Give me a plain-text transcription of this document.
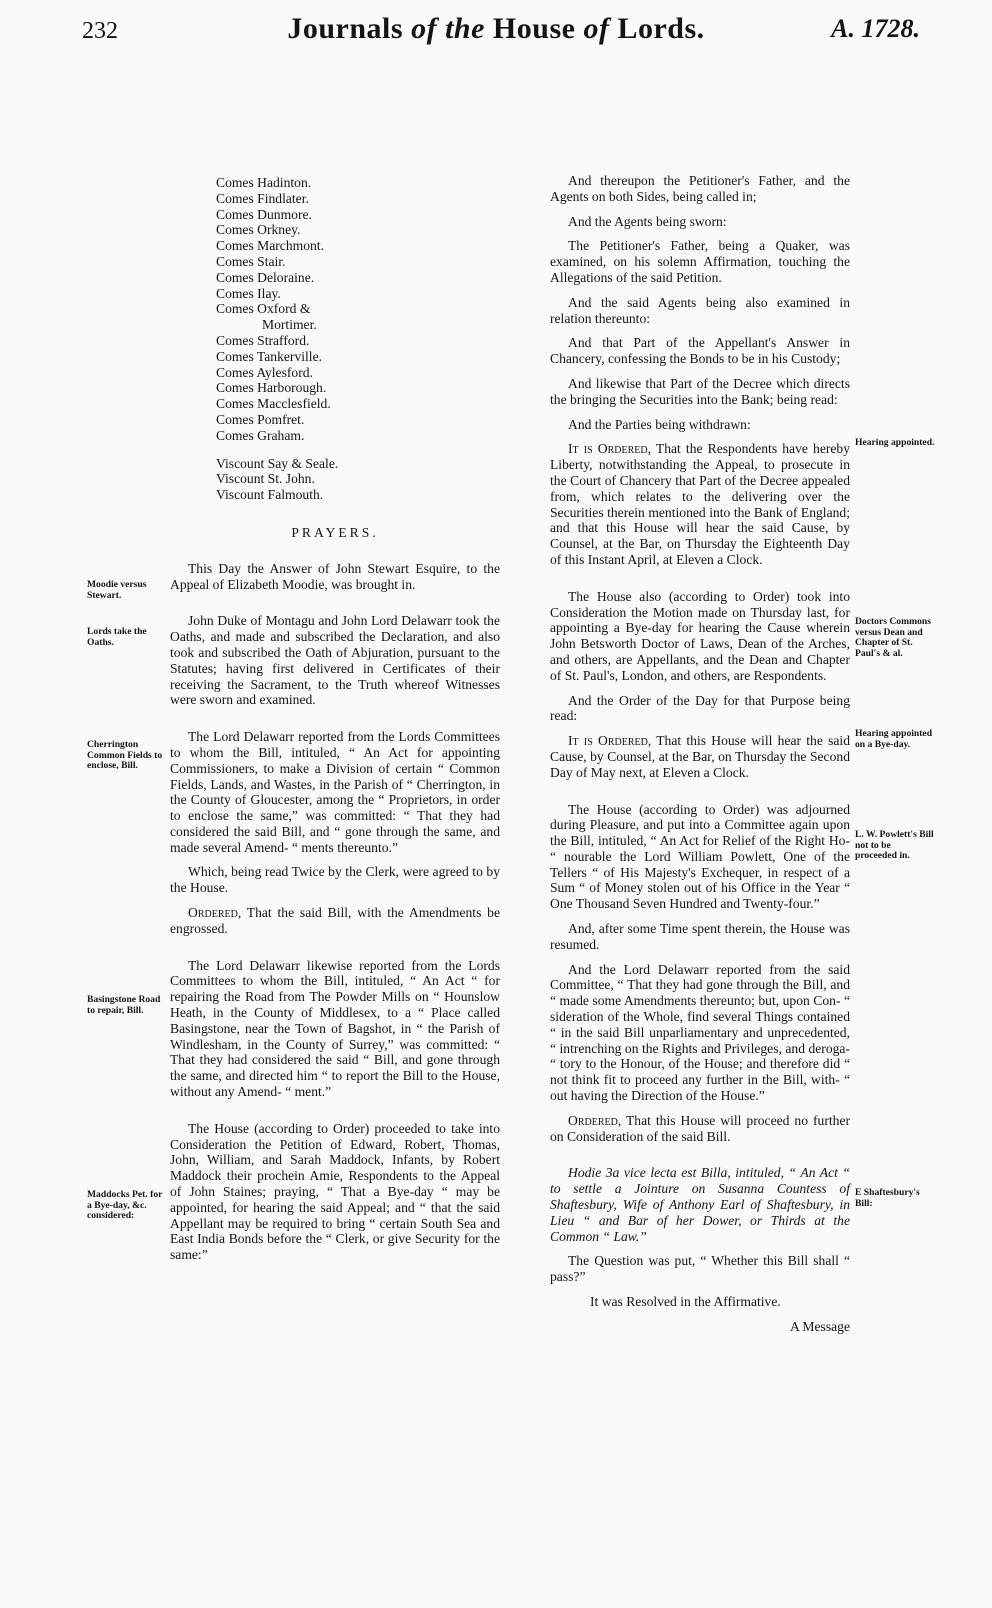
232	Journals of the House of Lords.	A. 1728.
Comes Hadinton.
Comes Findlater.
Comes Dunmore.
Comes Orkney.
Comes Marchmont.
Comes Stair.
Comes Deloraine.
Comes Ilay.
Comes Oxford &
Mortimer.
Comes Strafford.
Comes Tankerville.
Comes Aylesford.
Comes Harborough.
Comes Macclesfield.
Comes Pomfret.
Comes Graham.
Viscount Say & Seale.
Viscount St. John.
Viscount Falmouth.
PRAYERS.

This Day the Answer of John Stewart Esquire, to the Appeal of Elizabeth Moodie, was brought in.

John Duke of Montagu and John Lord Delawarr took the Oaths, and made and subscribed the Declaration, and also took and subscribed the Oath of Abjuration, pursuant to the Statutes; having first delivered in Certificates of their receiving the Sacrament, to the Truth whereof Witnesses were sworn and examined.

The Lord Delawarr reported from the Lords Committees to whom the Bill, intituled, “ An Act for appointing Commissioners, to make a Division of certain “ Common Fields, Lands, and Wastes, in the Parish of “ Cherrington, in the County of Gloucester, among the “ Proprietors, in order to enclose the same,” was committed: “ That they had considered the said Bill, and “ gone through the same, and made several Amend- “ ments thereunto.”

Which, being read Twice by the Clerk, were agreed to by the House.

Ordered, That the said Bill, with the Amendments be engrossed.

The Lord Delawarr likewise reported from the Lords Committees to whom the Bill, intituled, “ An Act “ for repairing the Road from The Powder Mills on “ Hounslow Heath, in the County of Middlesex, to a “ Place called Basingstone, near the Town of Bagshot, in “ the Parish of Windlesham, in the County of Surrey,” was committed: “ That they had considered the said “ Bill, and gone through the same, and directed him “ to report the Bill to the House, without any Amend- “ ment.”

The House (according to Order) proceeded to take into Consideration the Petition of Edward, Robert, Thomas, John, William, and Sarah Maddock, Infants, by Robert Maddock their prochein Amie, Respondents to the Appeal of John Staines; praying, “ That a Bye-day “ may be appointed, for hearing the said Appeal; and “ that the said Appellant may be required to bring “ certain South Sea and East India Bonds before the “ Clerk, or give Security for the same:”

Moodie versus Stewart.
Lords take the Oaths.
Cherrington Common Fields to enclose, Bill.
Basingstone Road to repair, Bill.
Maddocks Pet. for a Bye-day, &c. considered:

And thereupon the Petitioner's Father, and the Agents on both Sides, being called in;

And the Agents being sworn:

The Petitioner's Father, being a Quaker, was examined, on his solemn Affirmation, touching the Allegations of the said Petition.

And the said Agents being also examined in relation thereunto:

And that Part of the Appellant's Answer in Chancery, confessing the Bonds to be in his Custody;

And likewise that Part of the Decree which directs the bringing the Securities into the Bank; being read:

And the Parties being withdrawn:

It is Ordered, That the Respondents have hereby Liberty, notwithstanding the Appeal, to prosecute in the Court of Chancery that Part of the Decree appealed from, which relates to the delivering over the Securities therein mentioned into the Bank of England; and that this House will hear the said Cause, by Counsel, at the Bar, on Thursday the Eighteenth Day of this Instant April, at Eleven a Clock.

The House also (according to Order) took into Consideration the Motion made on Thursday last, for appointing a Bye-day for hearing the Cause wherein John Betsworth Doctor of Laws, Dean of the Arches, and others, are Appellants, and the Dean and Chapter of St. Paul's, London, and others, are Respondents.

And the Order of the Day for that Purpose being read:

It is Ordered, That this House will hear the said Cause, by Counsel, at the Bar, on Thursday the Second Day of May next, at Eleven a Clock.

The House (according to Order) was adjourned during Pleasure, and put into a Committee again upon the Bill, intituled, “ An Act for Relief of the Right Ho- “ nourable the Lord William Powlett, One of the Tellers “ of His Majesty's Exchequer, in respect of a Sum “ of Money stolen out of his Office in the Year “ One Thousand Seven Hundred and Twenty-four.”

And, after some Time spent therein, the House was resumed.

And the Lord Delawarr reported from the said Committee, “ That they had gone through the Bill, and “ made some Amendments thereunto; but, upon Con- “ sideration of the Whole, find several Things contained “ in the said Bill unparliamentary and unprecedented, “ intrenching on the Rights and Privileges, and deroga- “ tory to the Honour, of the House; and therefore did “ not think fit to proceed any further in the Bill, with- “ out having the Direction of the House.”

Ordered, That this House will proceed no further on Consideration of the said Bill.

Hodie 3a vice lecta est Billa, intituled, “ An Act “ to settle a Jointure on Susanna Countess of Shaftesbury, Wife of Anthony Earl of Shaftesbury, in Lieu “ and Bar of her Dower, or Thirds at the Common “ Law.”

The Question was put, “ Whether this Bill shall “ pass?”

It was Resolved in the Affirmative.

A Message
Hearing appointed.
Doctors Commons versus Dean and Chapter of St. Paul's & al.
Hearing appointed on a Bye-day.
L. W. Powlett's Bill not to be proceeded in.
E Shaftesbury's Bill:
